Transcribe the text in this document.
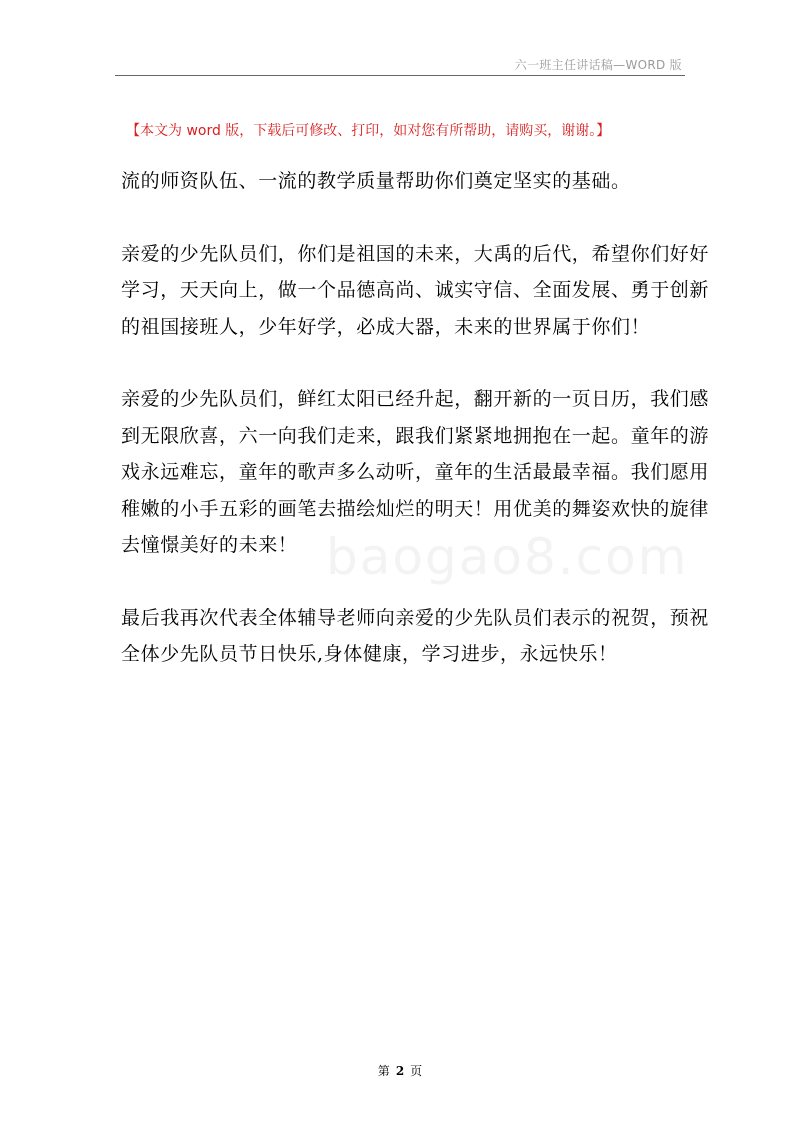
六一班主任讲话稿—WORD 版
【本文为 word 版，下载后可修改、打印，如对您有所帮助，请购买，谢谢。】
baogao8.com

流的师资队伍、一流的教学质量帮助你们奠定坚实的基础。

亲爱的少先队员们，你们是祖国的未来，大禹的后代，希望你们好好
学习，天天向上，做一个品德高尚、诚实守信、全面发展、勇于创新
的祖国接班人，少年好学，必成大器，未来的世界属于你们！

亲爱的少先队员们，鲜红太阳已经升起，翻开新的一页日历，我们感
到无限欣喜，六一向我们走来，跟我们紧紧地拥抱在一起。童年的游
戏永远难忘，童年的歌声多么动听，童年的生活最最幸福。我们愿用
稚嫩的小手五彩的画笔去描绘灿烂的明天！用优美的舞姿欢快的旋律
去憧憬美好的未来！

最后我再次代表全体辅导老师向亲爱的少先队员们表示的祝贺，预祝
全体少先队员节日快乐,身体健康，学习进步，永远快乐！

第 2 页
